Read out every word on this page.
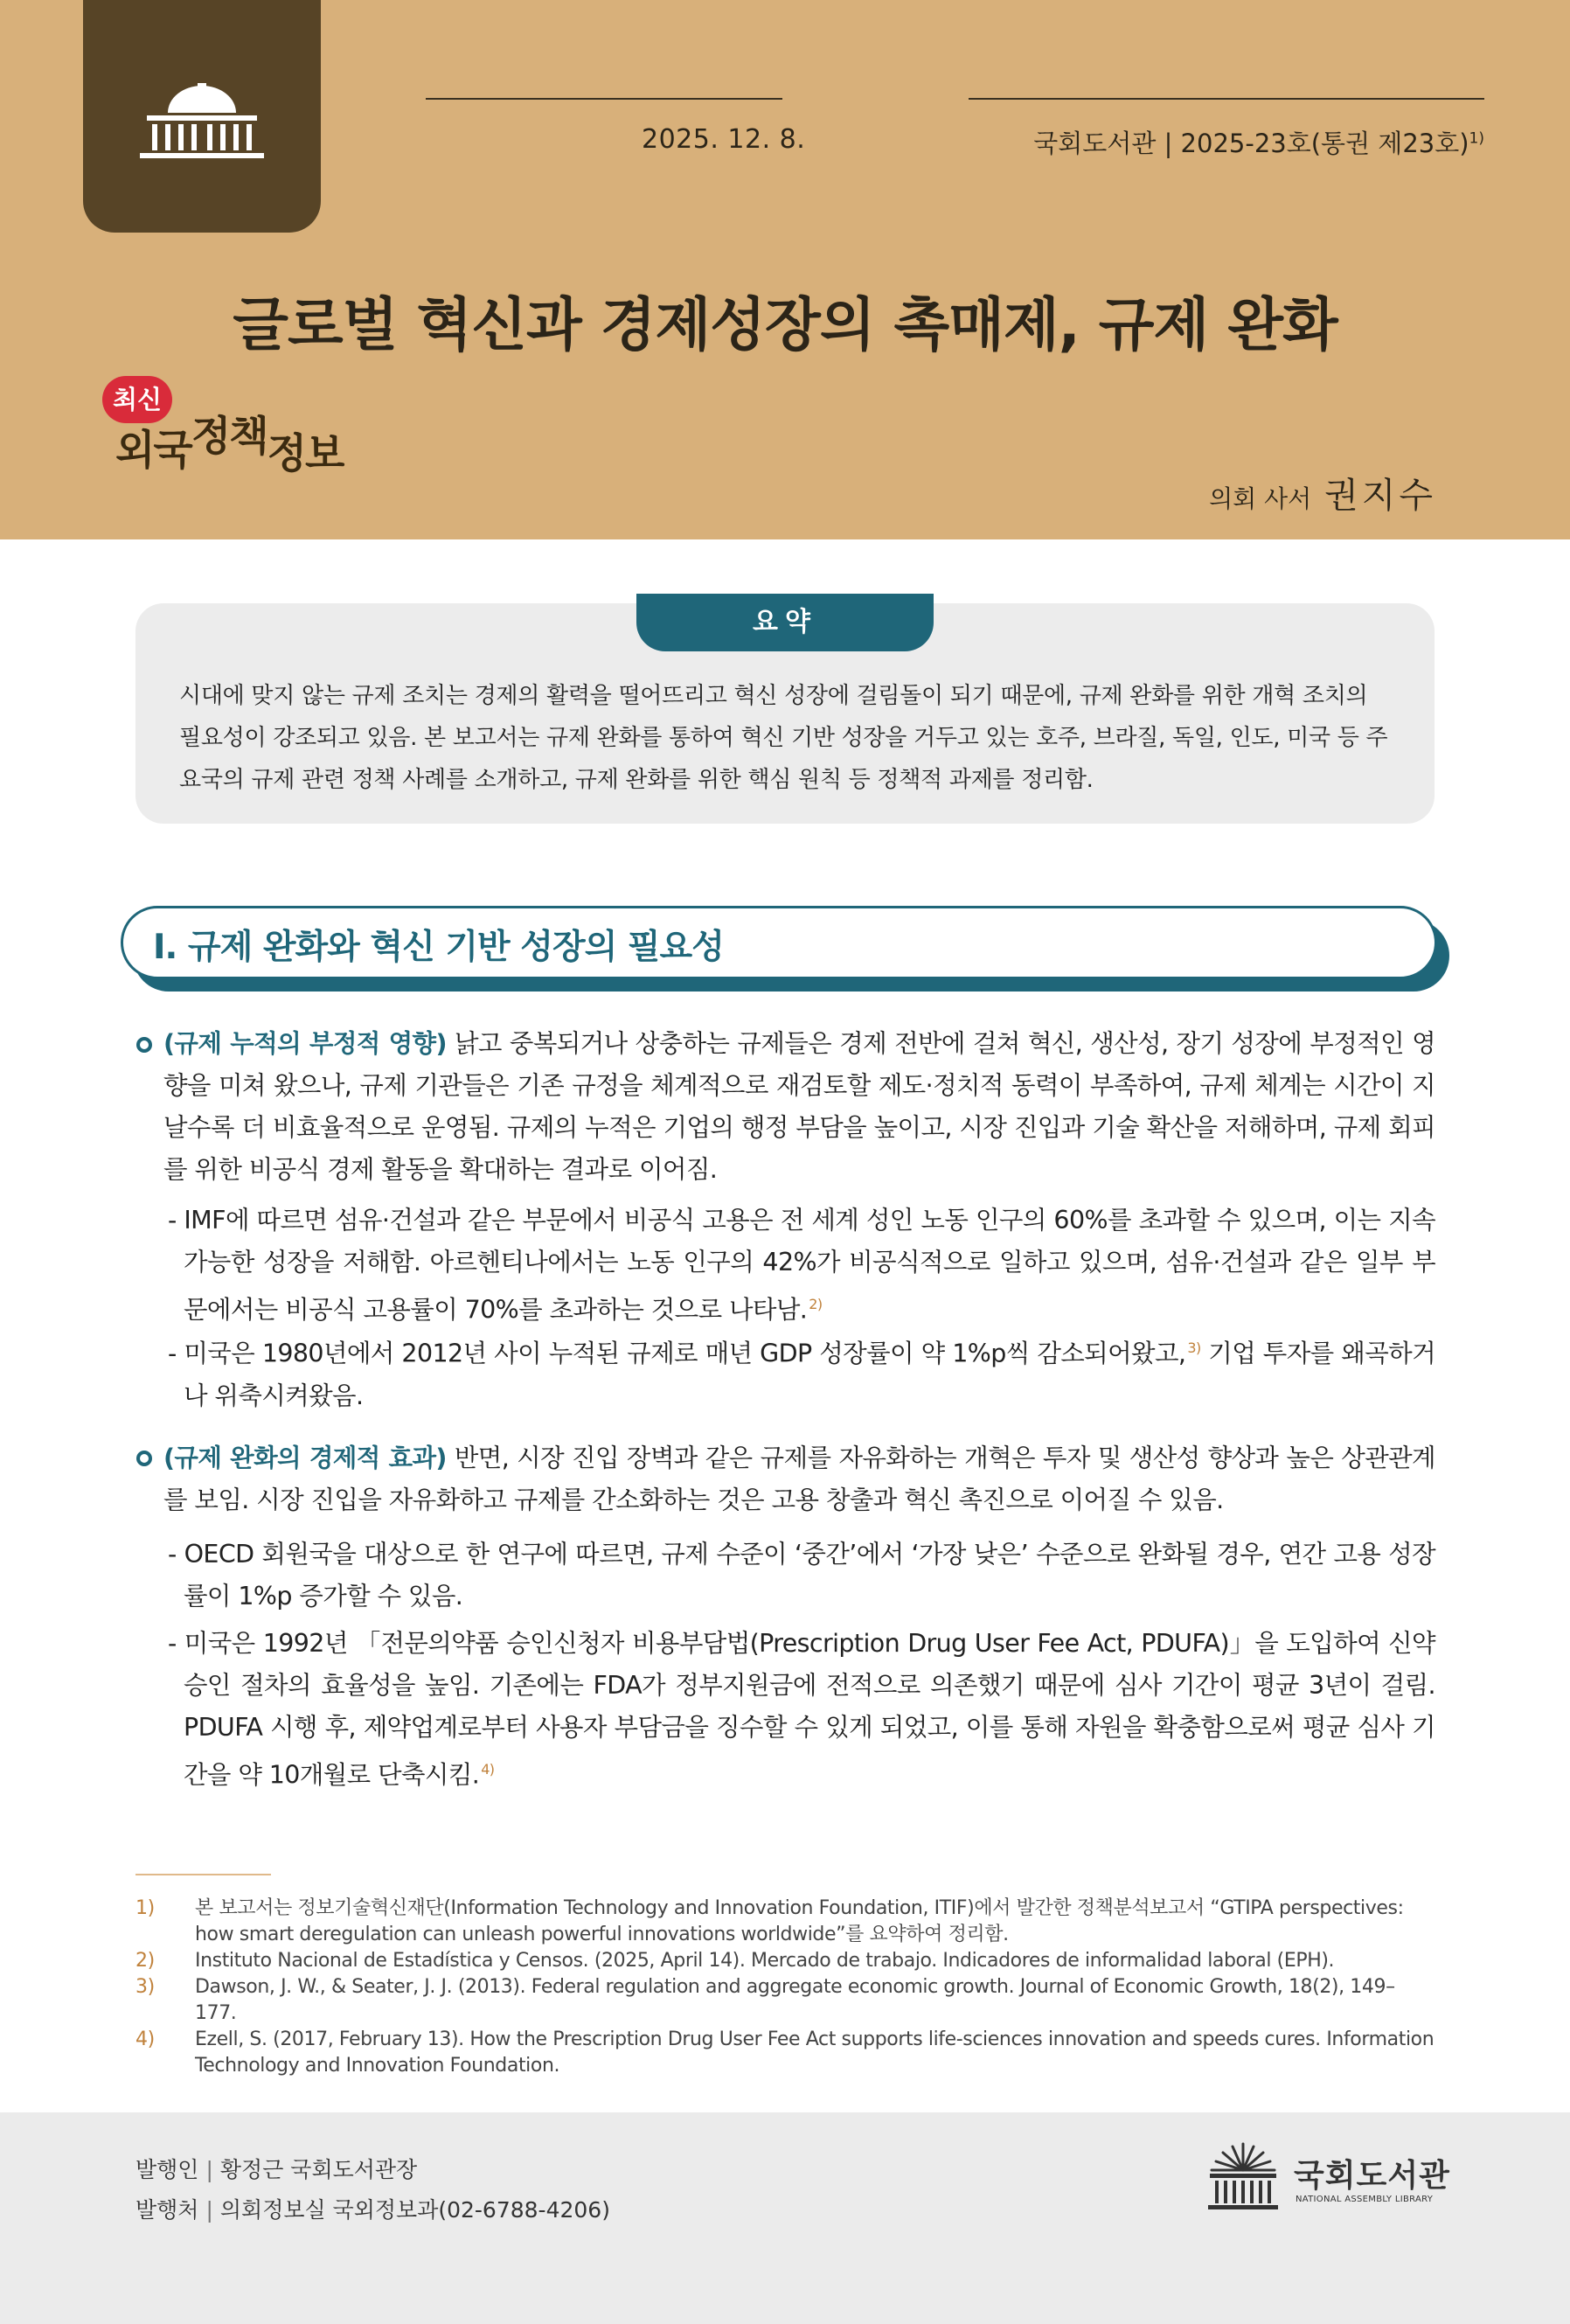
2025. 12. 8.	국회도서관 | 2025-23호(통권 제23호)$^{1)}$
글로벌 혁신과 경제성장의 촉매제, 규제 완화
최신
외국정책정보
의회 사서 권지수
요약
시대에 맞지 않는 규제 조치는 경제의 활력을 떨어뜨리고 혁신 성장에 걸림돌이 되기 때문에, 규제 완화를 위한 개혁 조치의 필요성이 강조되고 있음. 본 보고서는 규제 완화를 통하여 혁신 기반 성장을 거두고 있는 호주, 브라질, 독일, 인도, 미국 등 주요국의 규제 관련 정책 사례를 소개하고, 규제 완화를 위한 핵심 원칙 등 정책적 과제를 정리함.
Ⅰ. 규제 완화와 혁신 기반 성장의 필요성
(규제 누적의 부정적 영향) 낡고 중복되거나 상충하는 규제들은 경제 전반에 걸쳐 혁신, 생산성, 장기 성장에 부정적인 영향을 미쳐 왔으나, 규제 기관들은 기존 규정을 체계적으로 재검토할 제도·정치적 동력이 부족하여, 규제 체계는 시간이 지날수록 더 비효율적으로 운영됨. 규제의 누적은 기업의 행정 부담을 높이고, 시장 진입과 기술 확산을 저해하며, 규제 회피를 위한 비공식 경제 활동을 확대하는 결과로 이어짐.
- IMF에 따르면 섬유·건설과 같은 부문에서 비공식 고용은 전 세계 성인 노동 인구의 60%를 초과할 수 있으며, 이는 지속 가능한 성장을 저해함. 아르헨티나에서는 노동 인구의 42%가 비공식적으로 일하고 있으며, 섬유·건설과 같은 일부 부문에서는 비공식 고용률이 70%를 초과하는 것으로 나타남. $^{2)}$
- 미국은 1980년에서 2012년 사이 누적된 규제로 매년 GDP 성장률이 약 1%p씩 감소되어왔고, $^{3)}$ 기업 투자를 왜곡하거나 위축시켜왔음.
(규제 완화의 경제적 효과) 반면, 시장 진입 장벽과 같은 규제를 자유화하는 개혁은 투자 및 생산성 향상과 높은 상관관계를 보임. 시장 진입을 자유화하고 규제를 간소화하는 것은 고용 창출과 혁신 촉진으로 이어질 수 있음.
- OECD 회원국을 대상으로 한 연구에 따르면, 규제 수준이 ‘중간’에서 ‘가장 낮은’ 수준으로 완화될 경우, 연간 고용 성장률이 1%p 증가할 수 있음.
- 미국은 1992년 「전문의약품 승인신청자 비용부담법(Prescription Drug User Fee Act, PDUFA)」을 도입하여 신약 승인 절차의 효율성을 높임. 기존에는 FDA가 정부지원금에 전적으로 의존했기 때문에 심사 기간이 평균 3년이 걸림. PDUFA 시행 후, 제약업계로부터 사용자 부담금을 징수할 수 있게 되었고, 이를 통해 자원을 확충함으로써 평균 심사 기간을 약 10개월로 단축시킴. $^{4)}$
1)	본 보고서는 정보기술혁신재단(Information Technology and Innovation Foundation, ITIF)에서 발간한 정책분석보고서 “GTIPA perspectives: how smart deregulation can unleash powerful innovations worldwide”를 요약하여 정리함.
2)	Instituto Nacional de Estadística y Censos. (2025, April 14). Mercado de trabajo. Indicadores de informalidad laboral (EPH).
3)	Dawson, J. W., & Seater, J. J. (2013). Federal regulation and aggregate economic growth. Journal of Economic Growth, 18(2), 149–177.
4)	Ezell, S. (2017, February 13). How the Prescription Drug User Fee Act supports life-sciences innovation and speeds cures. Information Technology and Innovation Foundation.
발행인 | 황정근 국회도서관장
발행처 | 의회정보실 국외정보과(02-6788-4206)
국회도서관
NATIONAL ASSEMBLY LIBRARY
